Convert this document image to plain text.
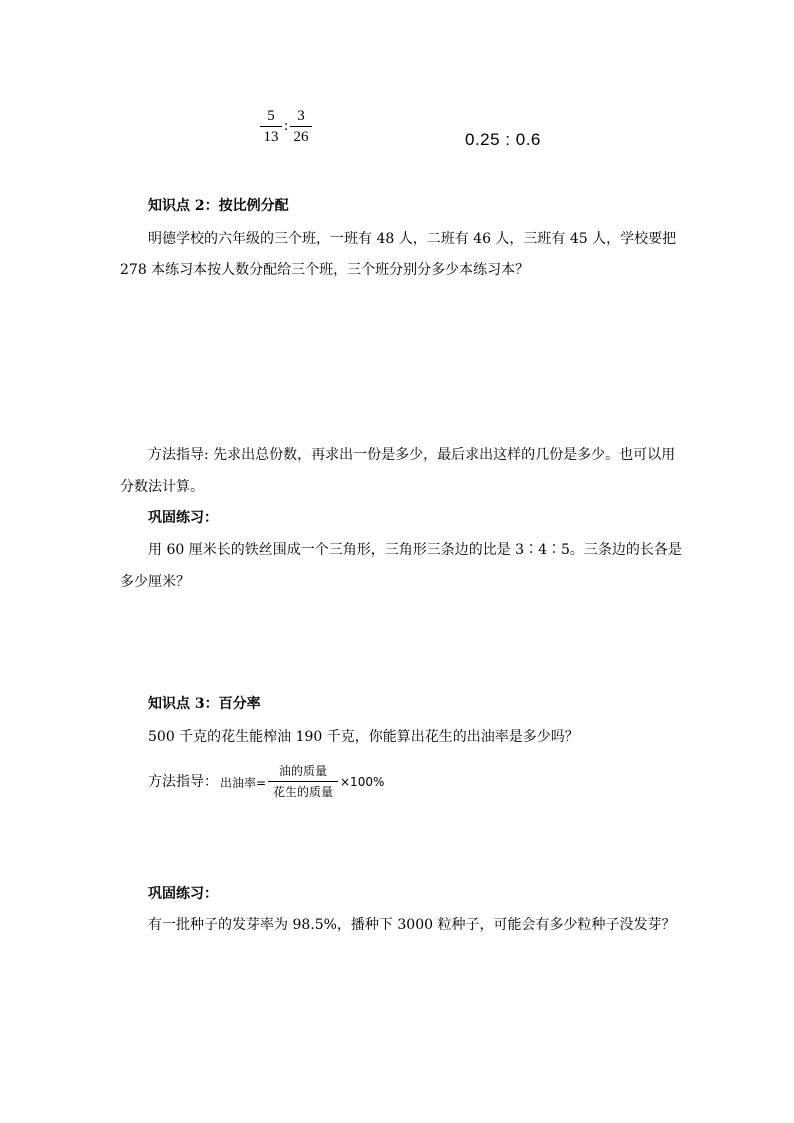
5
13
:
3
26	0.25 : 0.6
知识点 2：按比例分配
明德学校的六年级的三个班，一班有 48 人，二班有 46 人，三班有 45 人，学校要把
278 本练习本按人数分配给三个班，三个班分别分多少本练习本？
方法指导: 先求出总份数，再求出一份是多少，最后求出这样的几份是多少。也可以用
分数法计算。
巩固练习：
用 60 厘米长的铁丝围成一个三角形，三角形三条边的比是 3∶4∶5。三条边的长各是
多少厘米？
知识点 3：百分率
500 千克的花生能榨油 190 千克，你能算出花生的出油率是多少吗？
方法指导： 出油率=
油的质量
花生的质量
×100%
巩固练习：
有一批种子的发芽率为 98.5%，播种下 3000 粒种子，可能会有多少粒种子没发芽？
